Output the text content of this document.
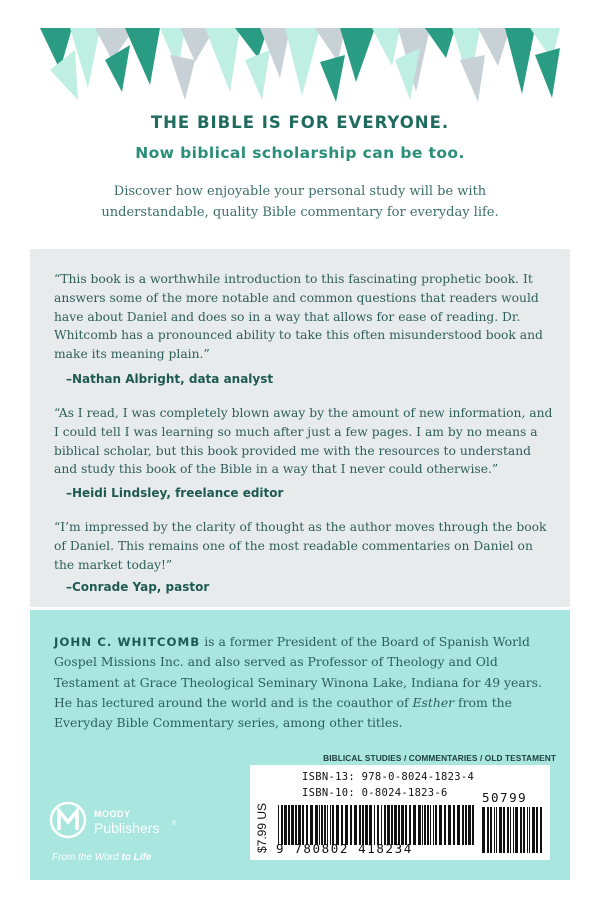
THE BIBLE IS FOR EVERYONE.
Now biblical scholarship can be too.
Discover how enjoyable your personal study will be with understandable, quality Bible commentary for everyday life.
“This book is a worthwhile introduction to this fascinating prophetic book. It answers some of the more notable and common questions that readers would have about Daniel and does so in a way that allows for ease of reading. Dr. Whitcomb has a pronounced ability to take this often misunderstood book and make its meaning plain.”
–Nathan Albright, data analyst
“As I read, I was completely blown away by the amount of new information, and I could tell I was learning so much after just a few pages. I am by no means a biblical scholar, but this book provided me with the resources to understand and study this book of the Bible in a way that I never could otherwise.”
–Heidi Lindsley, freelance editor
“I’m impressed by the clarity of thought as the author moves through the book of Daniel. This remains one of the most readable commentaries on Daniel on the market today!”
–Conrade Yap, pastor
JOHN C. WHITCOMB is a former President of the Board of Spanish World Gospel Missions Inc. and also served as Professor of Theology and Old Testament at Grace Theological Seminary Winona Lake, Indiana for 49 years. He has lectured around the world and is the coauthor of Esther from the Everyday Bible Commentary series, among other titles.
BIBLICAL STUDIES / COMMENTARIES / OLD TESTAMENT
MOODY
Publishers ®
From the Word to Life
$7.99 US
ISBN-13: 978-0-8024-1823-4
ISBN-10: 0-8024-1823-6
9 780802 418234
50799
